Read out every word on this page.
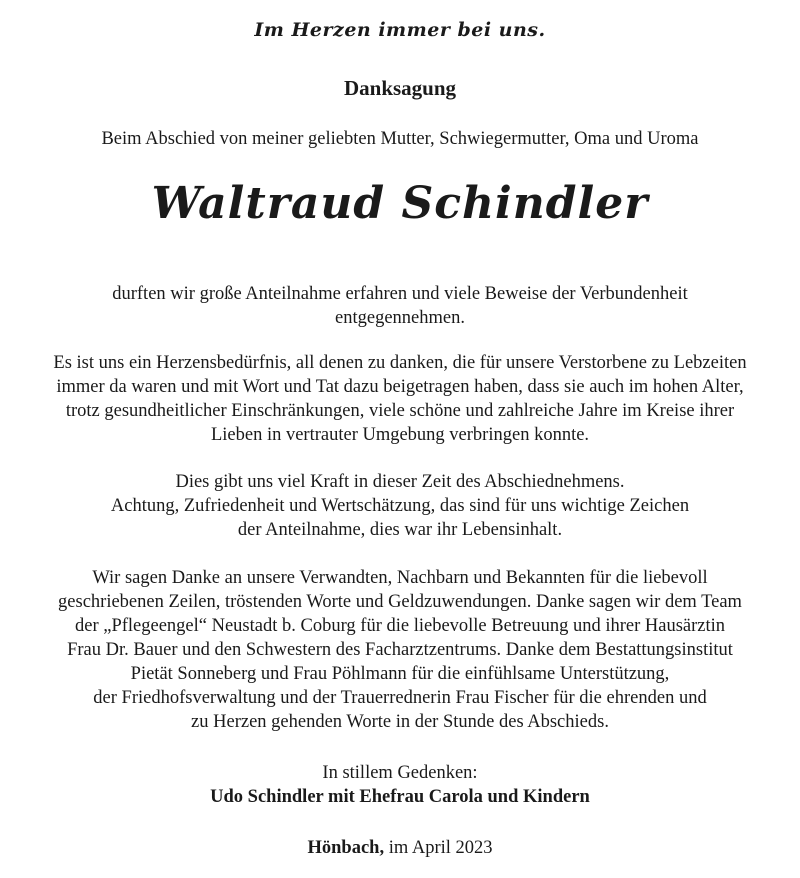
Im Herzen immer bei uns.
Danksagung
Beim Abschied von meiner geliebten Mutter, Schwiegermutter, Oma und Uroma
Waltraud Schindler
durften wir große Anteilnahme erfahren und viele Beweise der Verbundenheit
entgegennehmen.
Es ist uns ein Herzensbedürfnis, all denen zu danken, die für unsere Verstorbene zu Lebzeiten
immer da waren und mit Wort und Tat dazu beigetragen haben, dass sie auch im hohen Alter,
trotz gesundheitlicher Einschränkungen, viele schöne und zahlreiche Jahre im Kreise ihrer
Lieben in vertrauter Umgebung verbringen konnte.
Dies gibt uns viel Kraft in dieser Zeit des Abschiednehmens.
Achtung, Zufriedenheit und Wertschätzung, das sind für uns wichtige Zeichen
der Anteilnahme, dies war ihr Lebensinhalt.
Wir sagen Danke an unsere Verwandten, Nachbarn und Bekannten für die liebevoll
geschriebenen Zeilen, tröstenden Worte und Geldzuwendungen. Danke sagen wir dem Team
der „Pflegeengel“ Neustadt b. Coburg für die liebevolle Betreuung und ihrer Hausärztin
Frau Dr. Bauer und den Schwestern des Facharztzentrums. Danke dem Bestattungsinstitut
Pietät Sonneberg und Frau Pöhlmann für die einfühlsame Unterstützung,
der Friedhofsverwaltung und der Trauerrednerin Frau Fischer für die ehrenden und
zu Herzen gehenden Worte in der Stunde des Abschieds.
In stillem Gedenken:
Udo Schindler mit Ehefrau Carola und Kindern
Hönbach, im April 2023
